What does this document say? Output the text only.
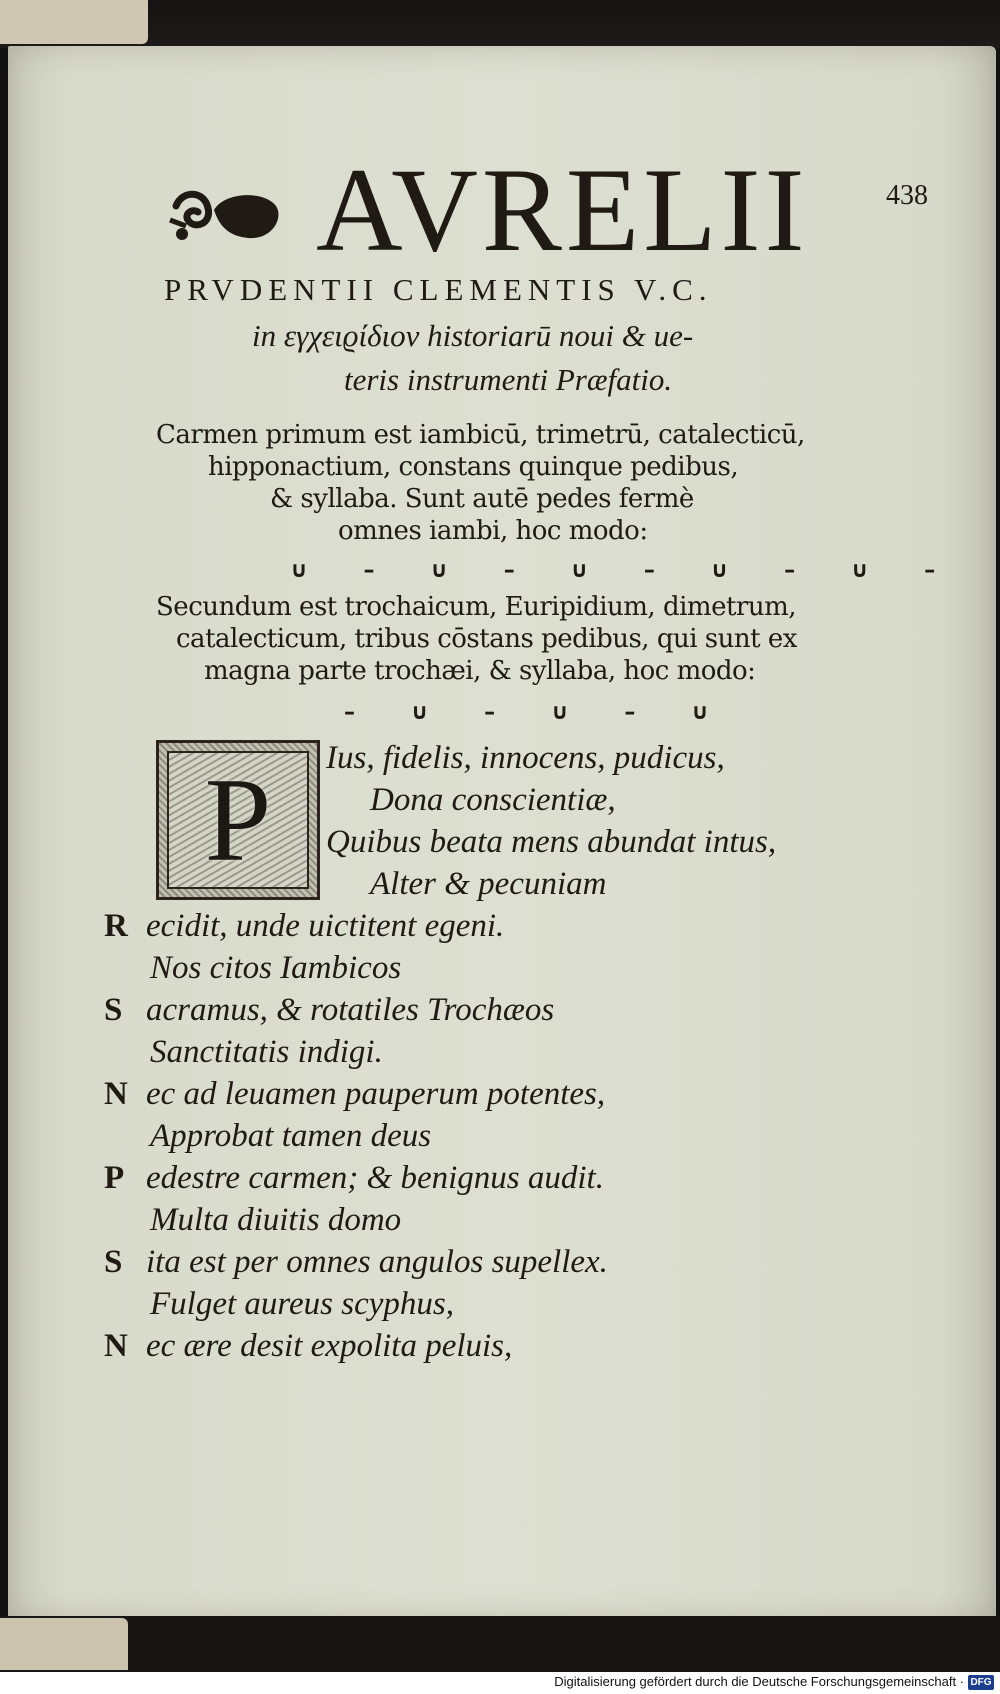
AVRELII	438
PRVDENTII CLEMENTIS V.C.
in εγχειϱίδιον historiarū noui & ue-
teris instrumenti Præfatio.
Carmen primum est iambicū, trimetrū, catalecticū,
hipponactium, constans quinque pedibus,
& syllaba. Sunt autē pedes fermè
omnes iambi, hoc modo:
∪ – ∪ – ∪ – ∪ – ∪ –
Secundum est trochaicum, Euripidium, dimetrum,
catalecticum, tribus cōstans pedibus, qui sunt ex
magna parte trochæi, & syllaba, hoc modo:
– ∪ – ∪ – ∪
P	Ius, fidelis, innocens, pudicus,
Dona conscientiæ,
Quibus beata mens abundat intus,
Alter & pecuniam
R ecidit, unde uictitent egeni.
Nos citos Iambicos
S acramus, & rotatiles Trochæos
Sanctitatis indigi.
N ec ad leuamen pauperum potentes,
Approbat tamen deus
P edestre carmen; & benignus audit.
Multa diuitis domo
S ita est per omnes angulos supellex.
Fulget aureus scyphus,
N ec ære desit expolita peluis,
Digitalisierung gefördert durch die Deutsche Forschungsgemeinschaft · DFG
